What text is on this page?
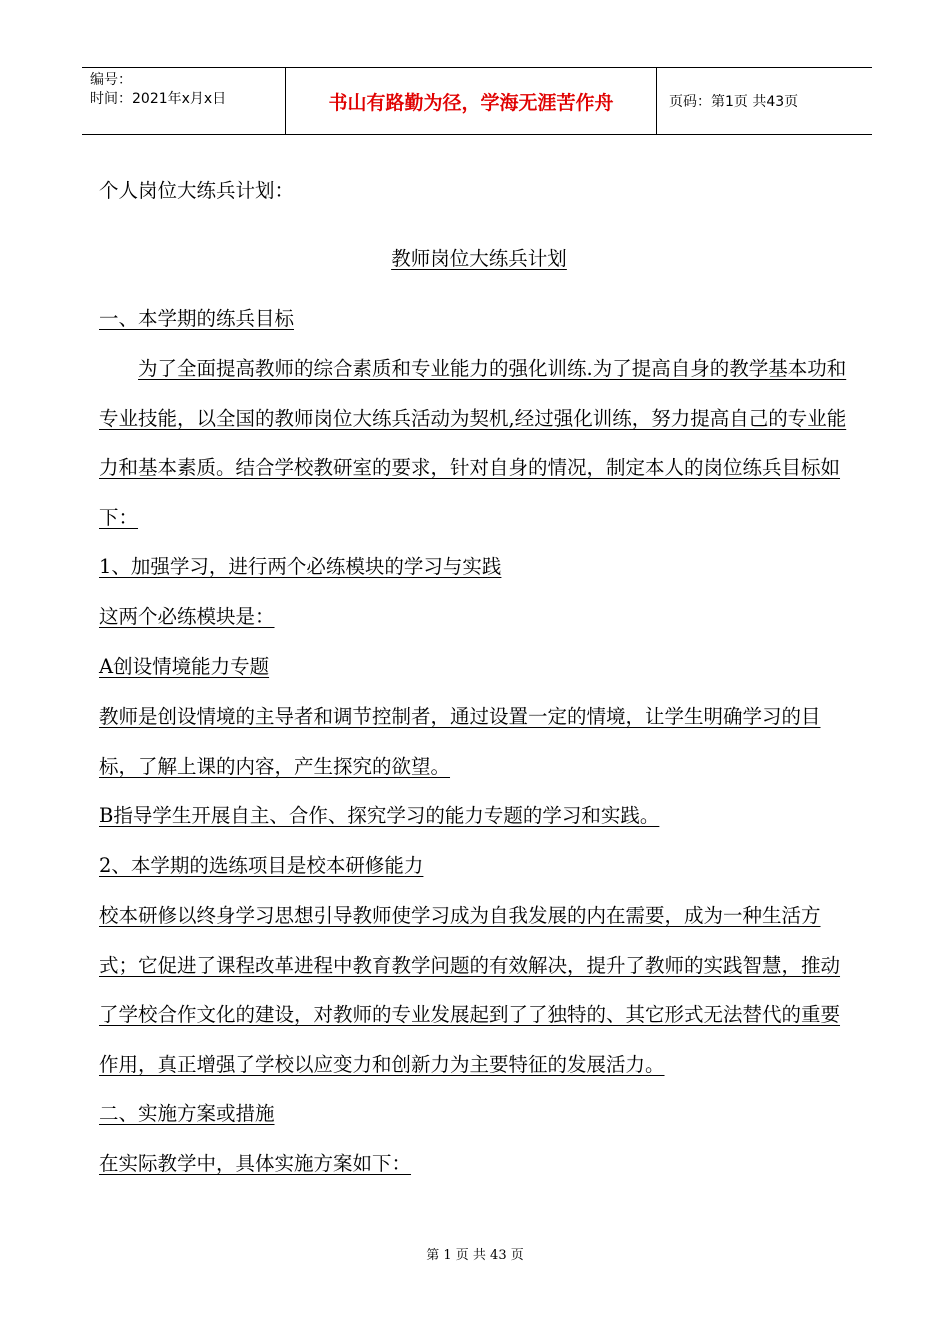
编号：
时间：2021年x月x日	书山有路勤为径，学海无涯苦作舟	页码：第1页 共43页

个人岗位大练兵计划：

教师岗位大练兵计划

一、本学期的练兵目标

为了全面提高教师的综合素质和专业能力的强化训练.为了提高自身的教学基本功和专业技能，以全国的教师岗位大练兵活动为契机,经过强化训练，努力提高自己的专业能力和基本素质。结合学校教研室的要求，针对自身的情况，制定本人的岗位练兵目标如下：

1、加强学习，进行两个必练模块的学习与实践

这两个必练模块是：

A创设情境能力专题

教师是创设情境的主导者和调节控制者，通过设置一定的情境，让学生明确学习的目标，了解上课的内容，产生探究的欲望。

B指导学生开展自主、合作、探究学习的能力专题的学习和实践。

2、本学期的选练项目是校本研修能力

校本研修以终身学习思想引导教师使学习成为自我发展的内在需要，成为一种生活方式；它促进了课程改革进程中教育教学问题的有效解决，提升了教师的实践智慧，推动了学校合作文化的建设，对教师的专业发展起到了了独特的、其它形式无法替代的重要作用，真正增强了学校以应变力和创新力为主要特征的发展活力。

二、实施方案或措施

在实际教学中，具体实施方案如下：

第 1 页 共 43 页
